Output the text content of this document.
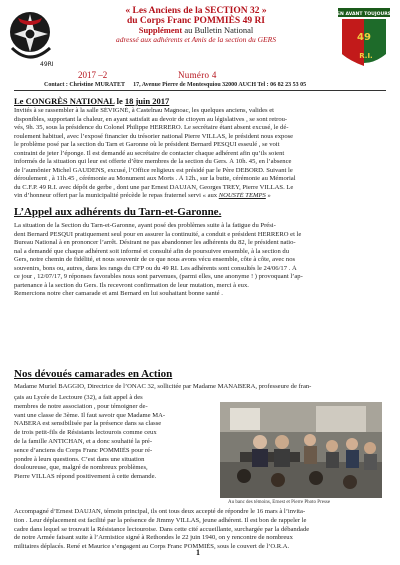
49RI
« Les Anciens de la SECTION 32 »
du Corps Franc POMMIÈS 49 RI
Supplément au Bulletin National
adressé aux adhérents et Amis de la section du GERS
EN AVANT TOUJOURS
49
R.I.
2017 –2	Numéro 4
Contact : Christine MURATET 17, Avenue Pierre de Montesquiou 32000 AUCH Tel : 06 82 23 53 05
Le CONGRÈS NATIONAL le 18 juin 2017
Invités à se rassembler à la salle SÉVIGNÉ, à Castelnau Magnoac, les quelques anciens, valides et
disponibles, supportant la chaleur, en ayant satisfait au devoir de citoyen au législatives , se sont retrou-
vés, 9h. 35, sous la présidence du Colonel Philippe HERRERO. Le secrétaire étant absent excusé, le dé-
roulement habituel, avec l’exposé financier du trésorier national Pierre VILLAS, le président nous expose
le problème posé par la section du Tarn et Garonne où le président Bernard PESQUI esseulé , se voit
contraint de jeter l’éponge. Il est demandé au secrétaire de contacter chaque adhérent afin qu’ils soient
informés de la situation qui leur est offerte d’être membres de la section du Gers. À 10h. 45, en l’absence
de l’aumônier Michel GAUDENS, excusé, l’Office religieux est présidé par le Père DEBORD. Suivant le
déroulement , à 11h.45 , cérémonie au Monument aux Morts . À 12h., sur la butte, cérémonie au Mémorial
du C.F.P. 49 R.I. avec dépôt de gerbe , dont une par Ernest DAUJAN, Georges TREY, Pierre VILLAS. Le
vin d’honneur offert par la municipalité précède le repas fraternel servi « aux NOUSTÉ TEMPS »
L’Appel aux adhérents du Tarn-et-Garonne.
La situation de la Section du Tarn-et-Garonne, ayant posé des problèmes suite à la fatigue du Prési-
dent Bernard PESQUI pratiquement seul pour en assurer la continuité, a conduit e président HERRERO et le
Bureau National à en prononcer l’arrêt. Désirant ne pas abandonner les adhérents du 82, le président natio-
nal a demandé que chaque adhérent soit informé et consulté afin de poursuivre ensemble, à la section du
Gers, notre chemin de fidélité, et nous souvenir de ce que nous avons vécu ensemble, côte à côte, avec nos
souvenirs, bons ou, autres, dans les rangs du CFP ou du 49 RI. Les adhérents sont consultés le 24/06/17 . À
ce jour , 12/07/17, 9 réponses favorables nous sont parvenues, (parmi elles, une anonyme ! ) provoquant l’ap-
partenance à la section du Gers. Ils recevront confirmation de leur mutation, merci à eux.
Remercions notre cher camarade et ami Bernard en lui souhaitant bonne santé .
Nos dévoués camarades en Action
Madame Muriel BAGGIO, Directrice de l’ONAC 32, sollicitée par Madame MANABERA, professeure de fran-
çais au Lycée de Lectoure (32), a fait appel à des
membres de notre association , pour témoigner de-
vant une classe de 3ème. Il faut savoir que Madame MA-
NABERA est sensibilisée par la présence dans sa classe
de trois petit-fils de Résistants lectourois comme ceux
de la famille ANTICHAN, et a donc souhaité la pré-
sence d’anciens du Corps Franc POMMIÈS pour ré-
pondre à leurs questions. C’est dans une situation
douloureuse, que, malgré de nombreux problèmes,
Pierre VILLAS répond positivement à cette demande.
Au banc des témoins, Ernest et Pierre Photo Presse
Accompagné d’Ernest DAUJAN, témoin principal, ils ont tous deux accepté de répondre le 16 mars à l’invita-
tion . Leur déplacement est facilité par la présence de Jimmy VILLAS, jeune adhérent. Il est bon de rappeler le
cadre dans lequel se trouvait la Résistance lectouroise. Dans cette cité accueillante, surchargée par la débandade
de notre Armée faisant suite à l’Armistice signé à Rethondes le 22 juin 1940, on y rencontre de nombreux
militaires déplacés. René et Maurice s’engagent au Corps Franc POMMIÈS, sous le couvert de l’O.R.A.
1
